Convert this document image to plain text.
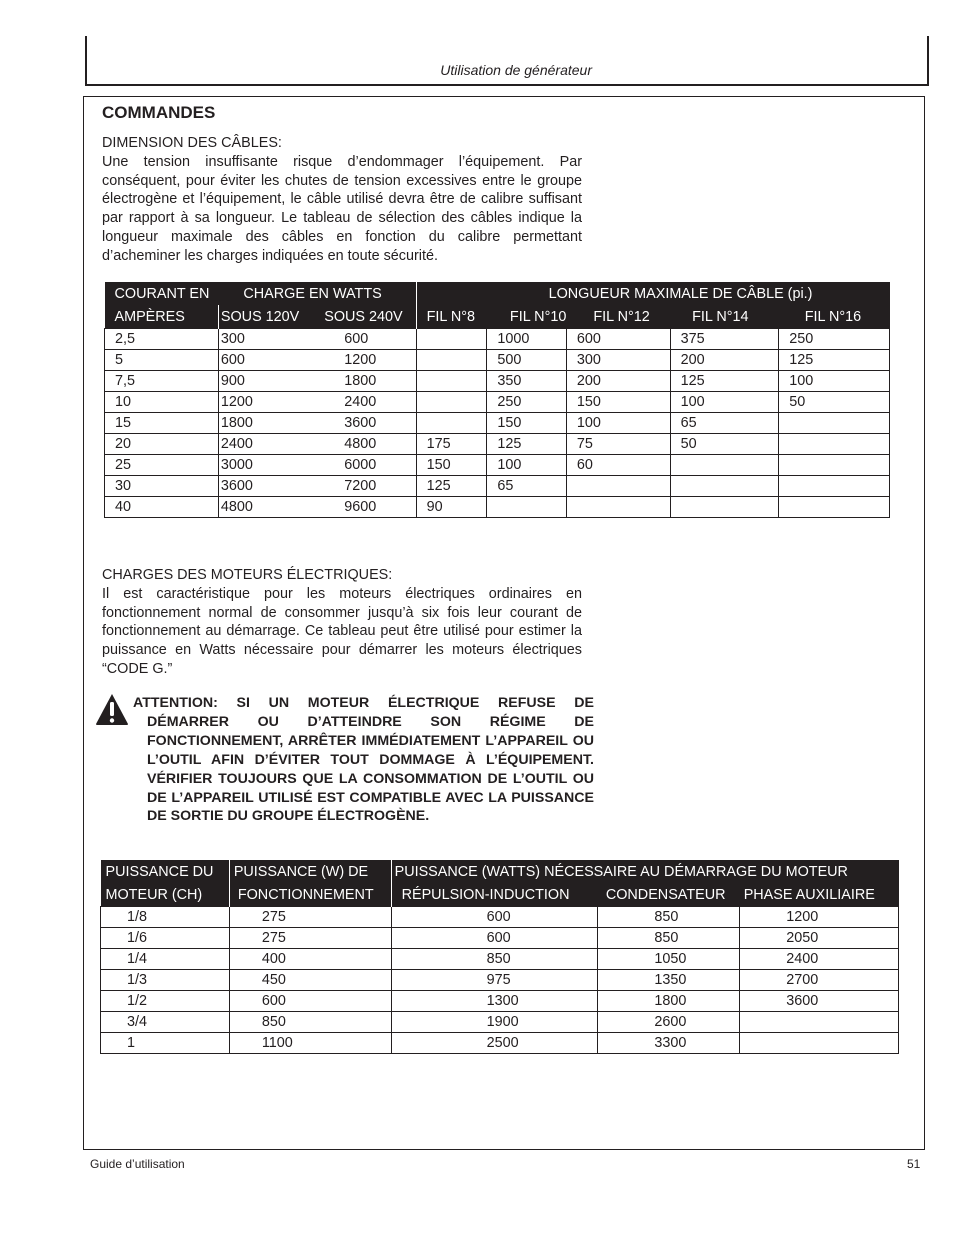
Utilisation de générateur
COMMANDES
DIMENSION DES CÂBLES:
Une tension insuffisante risque d’endommager l’équipement. Par conséquent, pour éviter les chutes de tension excessives entre le groupe électrogène et l’équipement, le câble utilisé devra être de calibre suffisant par rapport à sa longueur. Le tableau de sélection des câbles indique la longueur maximale des câbles en fonction du calibre permettant d’acheminer les charges indiquées en toute sécurité.
COURANT EN	CHARGE EN WATTS		LONGUEUR MAXIMALE DE CÂBLE (pi.)				
AMPÈRES	SOUS 120V	SOUS 240V	FIL N°8	FIL N°10	FIL N°12	FIL N°14	FIL N°16
2,5	300	600		1000	600	375	250
5	600	1200		500	300	200	125
7,5	900	1800		350	200	125	100
10	1200	2400		250	150	100	50
15	1800	3600		150	100	65	
20	2400	4800	175	125	75	50	
25	3000	6000	150	100	60		
30	3600	7200	125	65			
40	4800	9600	90				
CHARGES DES MOTEURS ÉLECTRIQUES:
Il est caractéristique pour les moteurs électriques ordinaires en fonctionnement normal de consommer jusqu’à six fois leur courant de fonctionnement au démarrage. Ce tableau peut être utilisé pour estimer la puissance en Watts nécessaire pour démarrer les moteurs électriques “CODE G.”
ATTENTION: SI UN MOTEUR ÉLECTRIQUE REFUSE DE
DÉMARRER OU D’ATTEINDRE SON RÉGIME DE FONCTIONNEMENT, ARRÊTER IMMÉDIATEMENT L’APPAREIL OU L’OUTIL AFIN D’ÉVITER TOUT DOMMAGE À L’ÉQUIPEMENT. VÉRIFIER TOUJOURS QUE LA CONSOMMATION DE L’OUTIL OU DE L’APPAREIL UTILISÉ EST COMPATIBLE AVEC LA PUISSANCE DE SORTIE DU GROUPE ÉLECTROGÈNE.
PUISSANCE DU	PUISSANCE (W) DE	PUISSANCE (WATTS) NÉCESSAIRE AU DÉMARRAGE DU MOTEUR		
MOTEUR (CH)	FONCTIONNEMENT	RÉPULSION-INDUCTION	CONDENSATEUR	PHASE AUXILIAIRE
1/8	275	600	850	1200
1/6	275	600	850	2050
1/4	400	850	1050	2400
1/3	450	975	1350	2700
1/2	600	1300	1800	3600
3/4	850	1900	2600	
1	1100	2500	3300	
Guide d’utilisation	51
